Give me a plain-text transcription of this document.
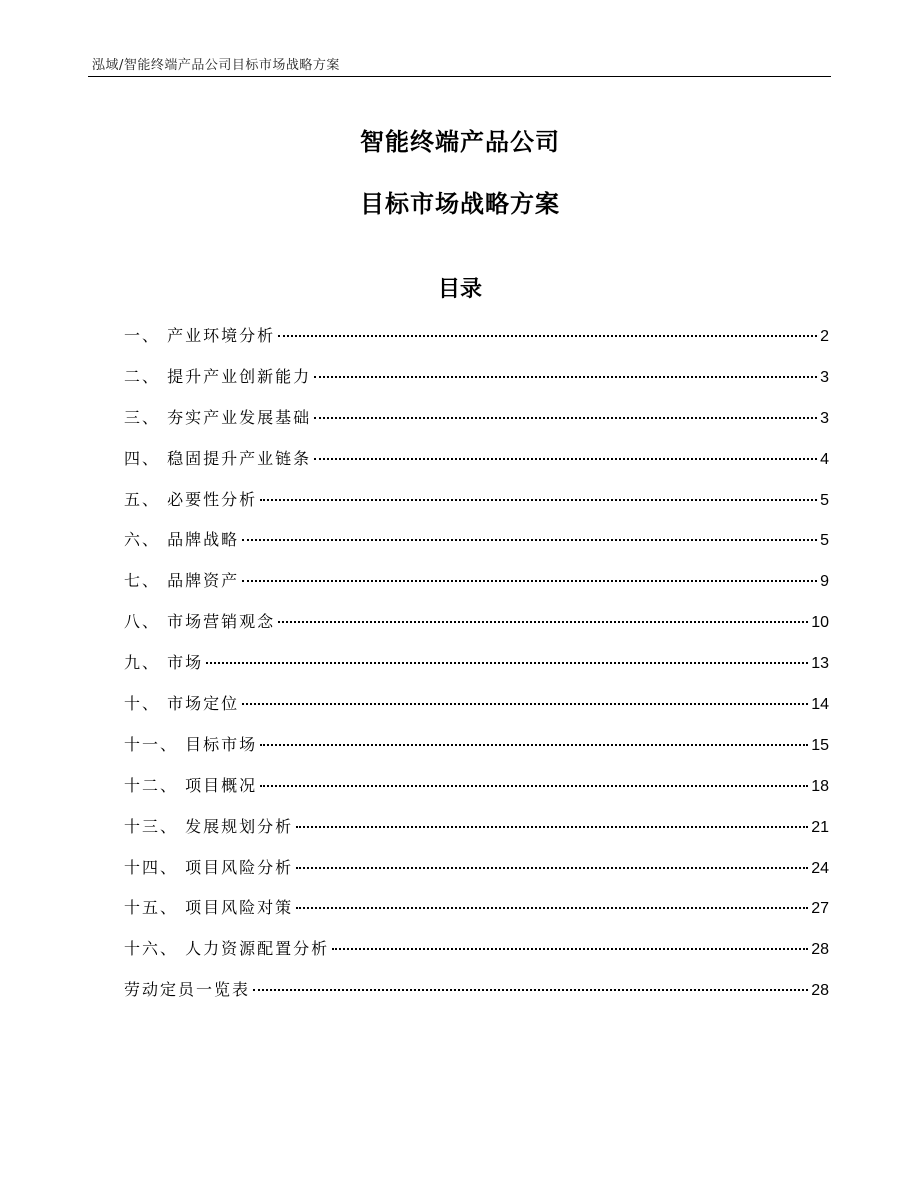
泓域/智能终端产品公司目标市场战略方案
智能终端产品公司
目标市场战略方案
目录
一、 产业环境分析	2
二、 提升产业创新能力	3
三、 夯实产业发展基础	3
四、 稳固提升产业链条	4
五、 必要性分析	5
六、 品牌战略	5
七、 品牌资产	9
八、 市场营销观念	10
九、 市场	13
十、 市场定位	14
十一、 目标市场	15
十二、 项目概况	18
十三、 发展规划分析	21
十四、 项目风险分析	24
十五、 项目风险对策	27
十六、 人力资源配置分析	28
劳动定员一览表	28
